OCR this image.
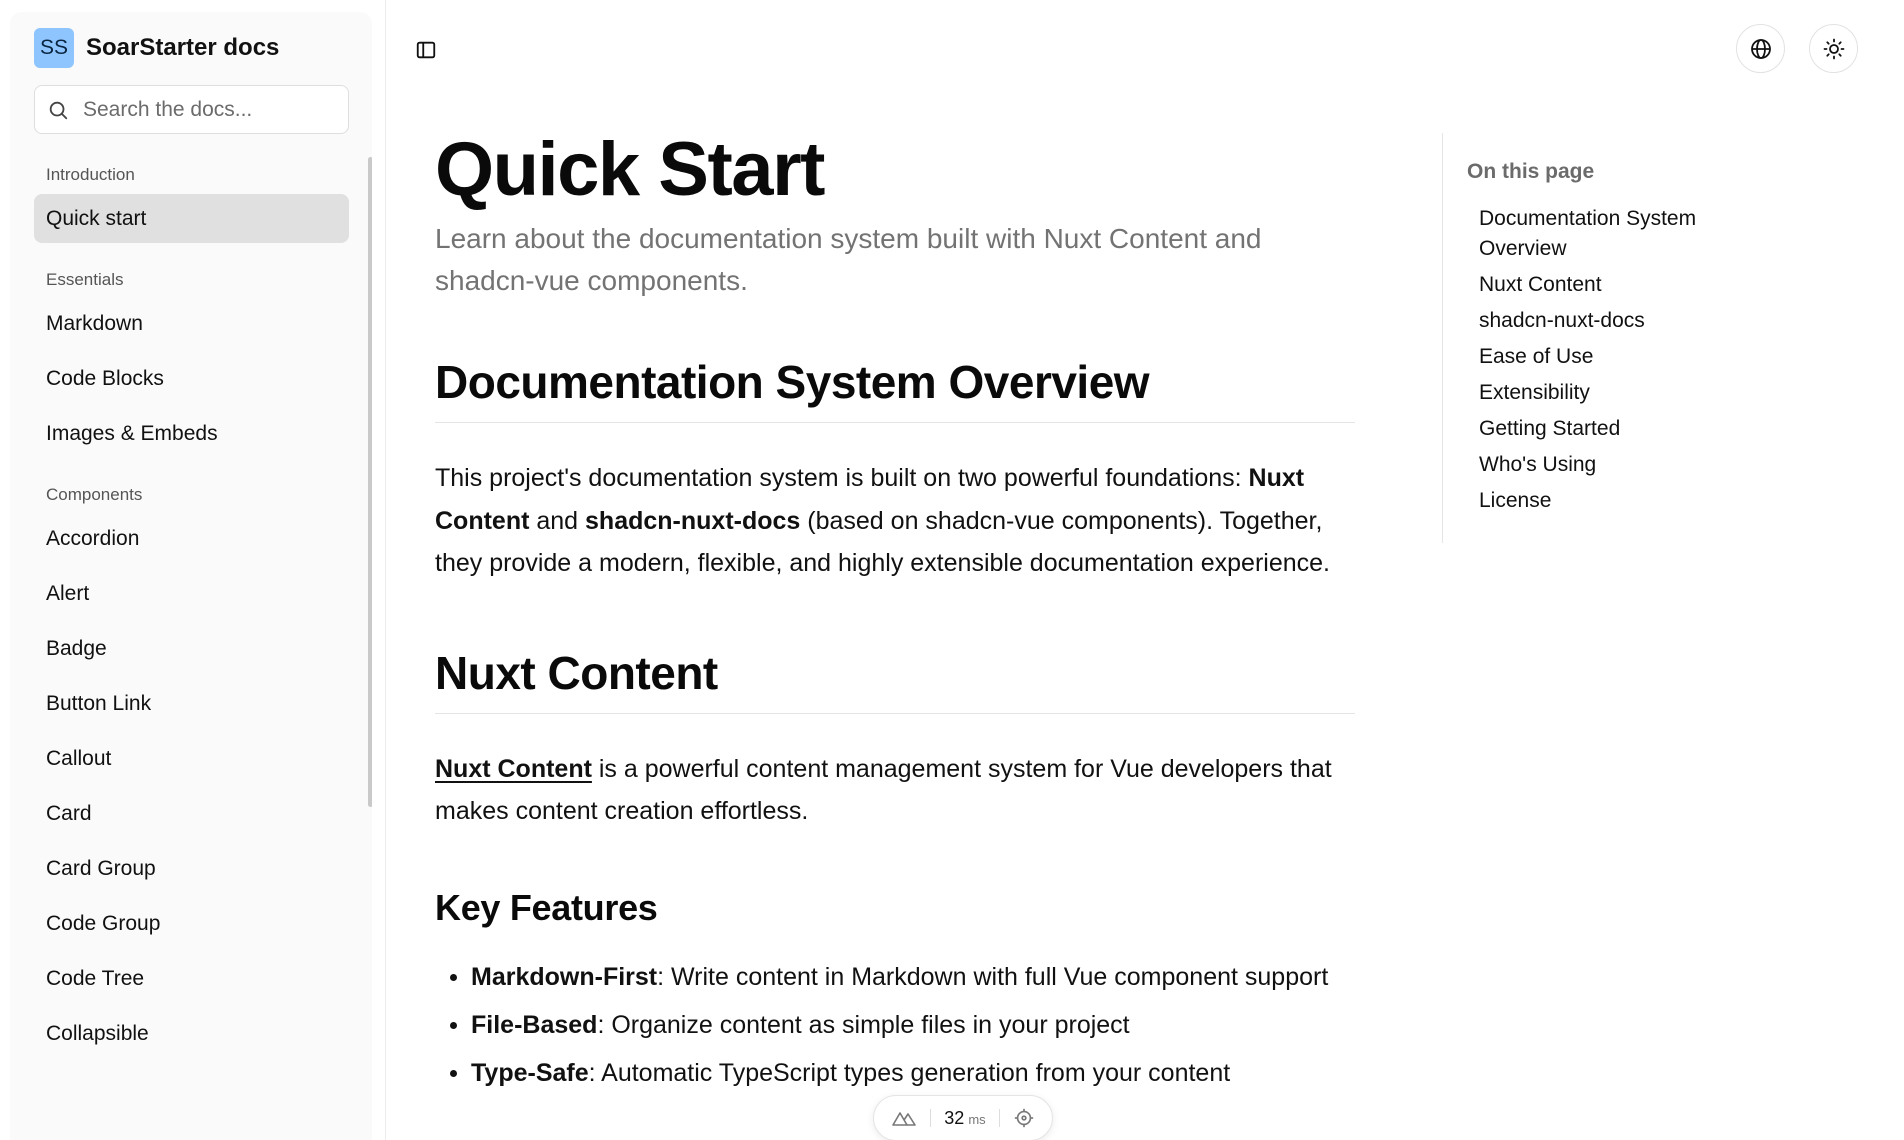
SS SoarStarter docs
Search the docs...
Introduction
Quick start
Essentials
Markdown
Code Blocks
Images & Embeds
Components
Accordion
Alert
Badge
Button Link
Callout
Card
Card Group
Code Group
Code Tree
Collapsible
Quick Start

Learn about the documentation system built with Nuxt Content and shadcn-vue components.

Documentation System Overview

This project's documentation system is built on two powerful foundations: Nuxt Content and shadcn-nuxt-docs (based on shadcn-vue components). Together, they provide a modern, flexible, and highly extensible documentation experience.

Nuxt Content

Nuxt Content is a powerful content management system for Vue developers that makes content creation effortless.

Key Features
Markdown-First: Write content in Markdown with full Vue component support
File-Based: Organize content as simple files in your project
Type-Safe: Automatic TypeScript types generation from your content
On this page
Documentation System Overview
Nuxt Content
shadcn-nuxt-docs
Ease of Use
Extensibility
Getting Started
Who's Using
License
32 ms
